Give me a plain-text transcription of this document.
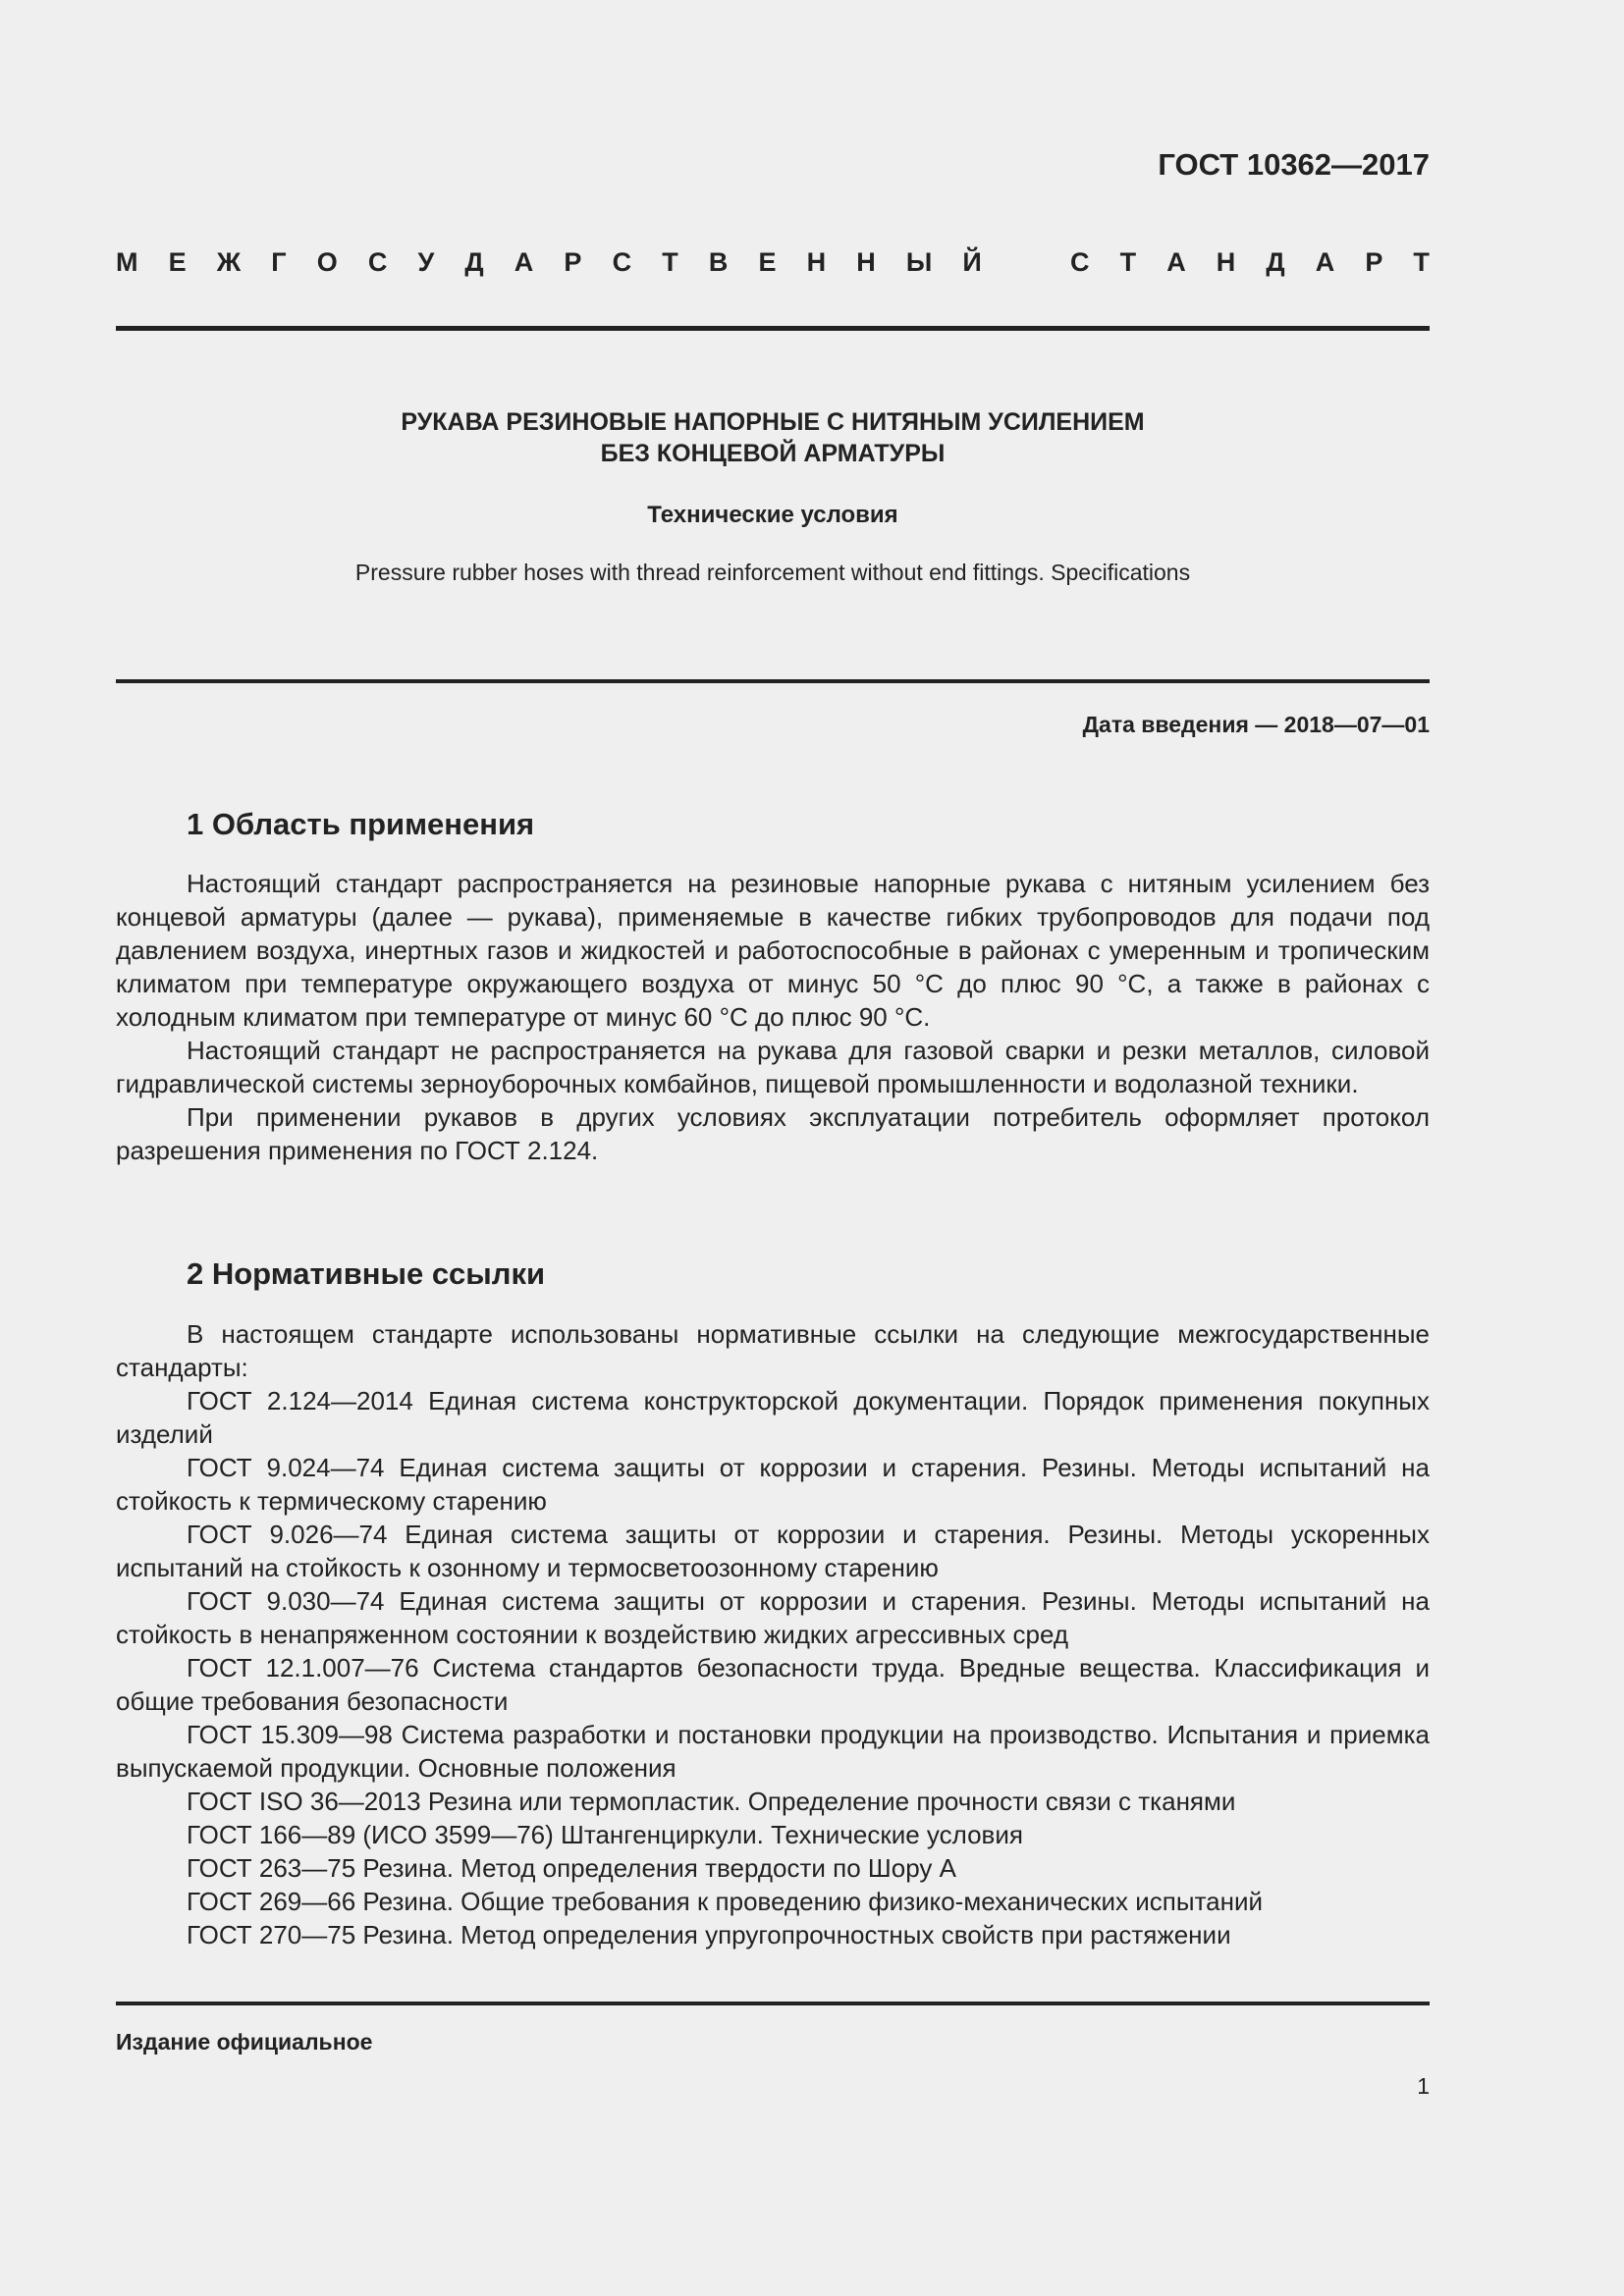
ГОСТ 10362—2017
М Е Ж Г О С У Д А Р С Т В Е Н Н Ы Й	С Т А Н Д А Р Т
РУКАВА РЕЗИНОВЫЕ НАПОРНЫЕ С НИТЯНЫМ УСИЛЕНИЕМ
БЕЗ КОНЦЕВОЙ АРМАТУРЫ
Технические условия
Pressure rubber hoses with thread reinforcement without end fittings. Specifications
Дата введения — 2018—07—01
1 Область применения

Настоящий стандарт распространяется на резиновые напорные рукава с нитяным усилением без концевой арматуры (далее — рукава), применяемые в качестве гибких трубопроводов для подачи под давлением воздуха, инертных газов и жидкостей и работоспособные в районах с умеренным и тропическим климатом при температуре окружающего воздуха от минус 50 °С до плюс 90 °С, а также в районах с холодным климатом при температуре от минус 60 °С до плюс 90 °С.

Настоящий стандарт не распространяется на рукава для газовой сварки и резки металлов, силовой гидравлической системы зерноуборочных комбайнов, пищевой промышленности и водолазной техники.

При применении рукавов в других условиях эксплуатации потребитель оформляет протокол разрешения применения по ГОСТ 2.124.

2 Нормативные ссылки

В настоящем стандарте использованы нормативные ссылки на следующие межгосударственные стандарты:

ГОСТ 2.124—2014 Единая система конструкторской документации. Порядок применения покупных изделий

ГОСТ 9.024—74 Единая система защиты от коррозии и старения. Резины. Методы испытаний на стойкость к термическому старению

ГОСТ 9.026—74 Единая система защиты от коррозии и старения. Резины. Методы ускоренных испытаний на стойкость к озонному и термосветоозонному старению

ГОСТ 9.030—74 Единая система защиты от коррозии и старения. Резины. Методы испытаний на стойкость в ненапряженном состоянии к воздействию жидких агрессивных сред

ГОСТ 12.1.007—76 Система стандартов безопасности труда. Вредные вещества. Классификация и общие требования безопасности

ГОСТ 15.309—98 Система разработки и постановки продукции на производство. Испытания и приемка выпускаемой продукции. Основные положения

ГОСТ ISO 36—2013 Резина или термопластик. Определение прочности связи с тканями

ГОСТ 166—89 (ИСО 3599—76) Штангенциркули. Технические условия

ГОСТ 263—75 Резина. Метод определения твердости по Шору А

ГОСТ 269—66 Резина. Общие требования к проведению физико-механических испытаний

ГОСТ 270—75 Резина. Метод определения упругопрочностных свойств при растяжении

Издание официальное
1
